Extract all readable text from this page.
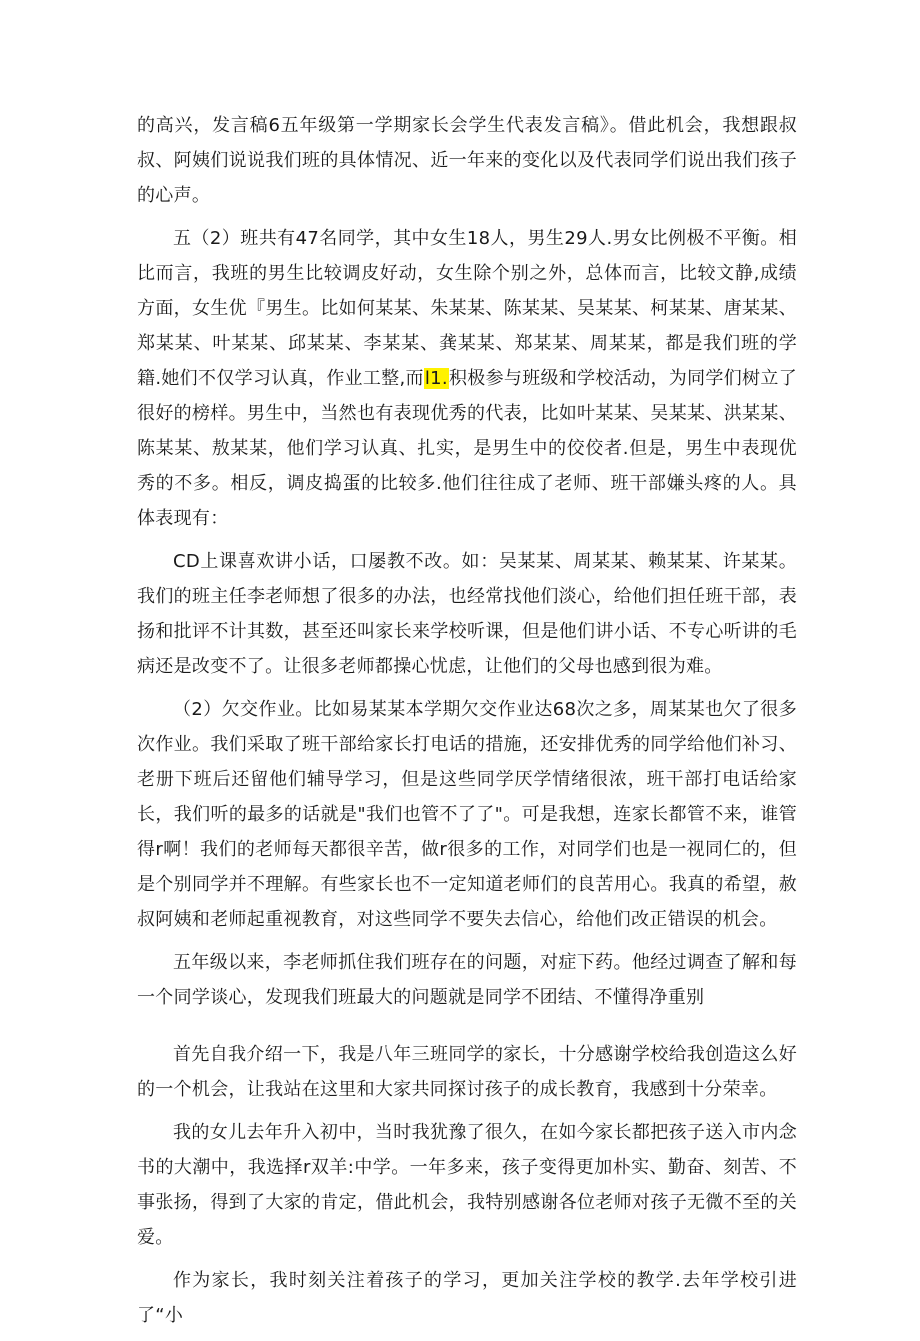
的高兴，发言稿6五年级第一学期家长会学生代表发言稿》。借此机会，我想跟叔叔、阿姨们说说我们班的具体情况、近一年来的变化以及代表同学们说出我们孩子的心声。

五（2）班共有47名同学，其中女生18人，男生29人.男女比例极不平衡。相比而言，我班的男生比较调皮好动，女生除个别之外，总体而言，比较文静,成绩方面，女生优『男生。比如何某某、朱某某、陈某某、吴某某、柯某某、唐某某、郑某某、叶某某、邱某某、李某某、龚某某、郑某某、周某某，都是我们班的学籍.她们不仅学习认真，作业工整,而l1.积极参与班级和学校活动，为同学们树立了很好的榜样。男生中，当然也有表现优秀的代表，比如叶某某、吴某某、洪某某、陈某某、敖某某，他们学习认真、扎实，是男生中的佼佼者.但是，男生中表现优秀的不多。相反，调皮捣蛋的比较多.他们往往成了老师、班干部嫌头疼的人。具体表现有：

CD上课喜欢讲小话，口屡教不改。如：吴某某、周某某、赖某某、许某某。我们的班主任李老师想了很多的办法，也经常找他们淡心，给他们担任班干部，表扬和批评不计其数，甚至还叫家长来学校听课，但是他们讲小话、不专心听讲的毛病还是改变不了。让很多老师都操心忧虑，让他们的父母也感到很为难。

（2）欠交作业。比如易某某本学期欠交作业达68次之多，周某某也欠了很多次作业。我们采取了班干部给家长打电话的措施，还安排优秀的同学给他们补习、老册下班后还留他们辅导学习，但是这些同学厌学情绪很浓，班干部打电话给家长，我们听的最多的话就是"我们也管不了了"。可是我想，连家长都管不来，谁管得r啊！我们的老师每天都很辛苦，做r很多的工作，对同学们也是一视同仁的，但是个别同学并不理解。有些家长也不一定知道老师们的良苦用心。我真的希望，赦叔阿姨和老师起重视教育，对这些同学不要失去信心，给他们改正错误的机会。

五年级以来，李老师抓住我们班存在的问题，对症下药。他经过调查了解和每一个同学谈心，发现我们班最大的问题就是同学不团结、不懂得净重别

首先自我介绍一下，我是八年三班同学的家长，十分感谢学校给我创造这么好的一个机会，让我站在这里和大家共同探讨孩子的成长教育，我感到十分荣幸。

我的女儿去年升入初中，当时我犹豫了很久，在如今家长都把孩子送入市内念书的大潮中，我选择r双羊:中学。一年多来，孩子变得更加朴实、勤奋、刻苦、不事张扬，得到了大家的肯定，借此机会，我特别感谢各位老师对孩子无微不至的关爱。

作为家长，我时刻关注着孩子的学习，更加关注学校的教学.去年学校引进了“小
